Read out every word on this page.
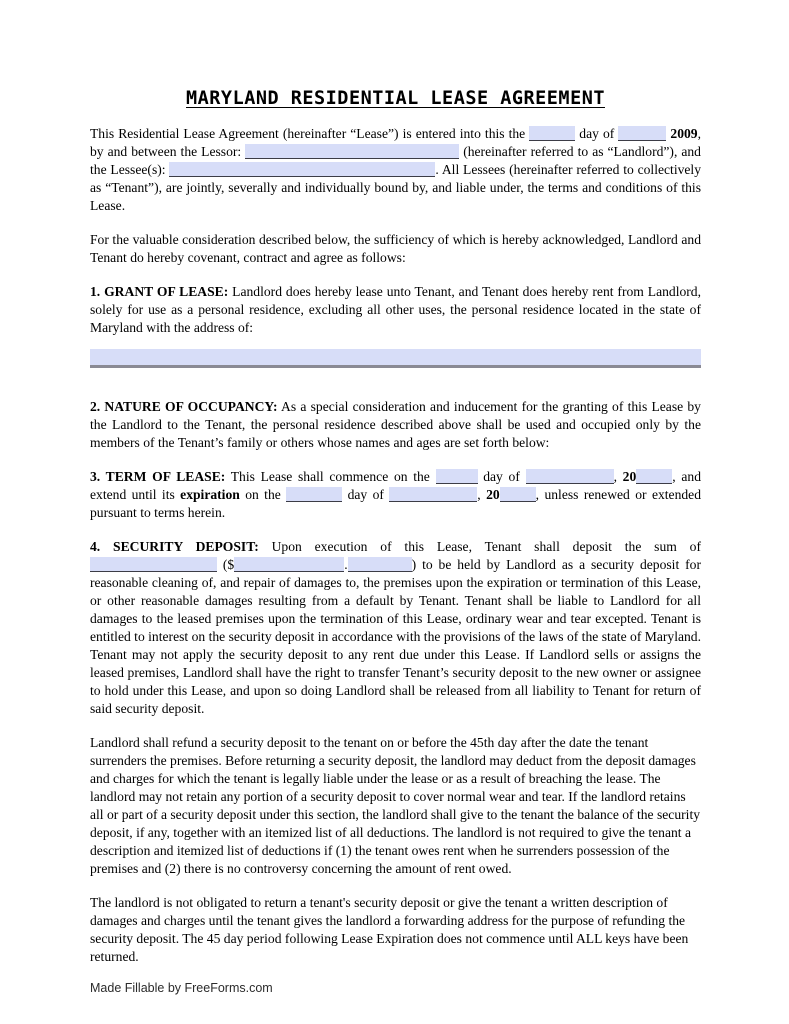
MARYLAND RESIDENTIAL LEASE AGREEMENT

This Residential Lease Agreement (hereinafter “Lease”) is entered into this the	day of	2009, by and between the Lessor:	(hereinafter referred to as “Landlord”), and the Lessee(s):	. All Lessees (hereinafter referred to collectively as “Tenant”), are jointly, severally and individually bound by, and liable under, the terms and conditions of this Lease.

For the valuable consideration described below, the sufficiency of which is hereby acknowledged, Landlord and Tenant do hereby covenant, contract and agree as follows:

1. GRANT OF LEASE: Landlord does hereby lease unto Tenant, and Tenant does hereby rent from Landlord, solely for use as a personal residence, excluding all other uses, the personal residence located in the state of Maryland with the address of:

2. NATURE OF OCCUPANCY: As a special consideration and inducement for the granting of this Lease by the Landlord to the Tenant, the personal residence described above shall be used and occupied only by the members of the Tenant’s family or others whose names and ages are set forth below:

3. TERM OF LEASE: This Lease shall commence on the	day of	, 20	, and extend until its expiration on the	day of	, 20	, unless renewed or extended pursuant to terms herein.

4. SECURITY DEPOSIT: Upon execution of this Lease, Tenant shall deposit the sum of  ($	.	) to be held by Landlord as a security deposit for reasonable cleaning of, and repair of damages to, the premises upon the expiration or termination of this Lease, or other reasonable damages resulting from a default by Tenant. Tenant shall be liable to Landlord for all damages to the leased premises upon the termination of this Lease, ordinary wear and tear excepted. Tenant is entitled to interest on the security deposit in accordance with the provisions of the laws of the state of Maryland. Tenant may not apply the security deposit to any rent due under this Lease. If Landlord sells or assigns the leased premises, Landlord shall have the right to transfer Tenant’s security deposit to the new owner or assignee to hold under this Lease, and upon so doing Landlord shall be released from all liability to Tenant for return of said security deposit.

Landlord shall refund a security deposit to the tenant on or before the 45th day after the date the tenant surrenders the premises. Before returning a security deposit, the landlord may deduct from the deposit damages and charges for which the tenant is legally liable under the lease or as a result of breaching the lease. The landlord may not retain any portion of a security deposit to cover normal wear and tear. If the landlord retains all or part of a security deposit under this section, the landlord shall give to the tenant the balance of the security deposit, if any, together with an itemized list of all deductions. The landlord is not required to give the tenant a description and itemized list of deductions if (1) the tenant owes rent when he surrenders possession of the premises and (2) there is no controversy concerning the amount of rent owed.

The landlord is not obligated to return a tenant's security deposit or give the tenant a written description of damages and charges until the tenant gives the landlord a forwarding address for the purpose of refunding the security deposit. The 45 day period following Lease Expiration does not commence until ALL keys have been returned.

Made Fillable by FreeForms.com
